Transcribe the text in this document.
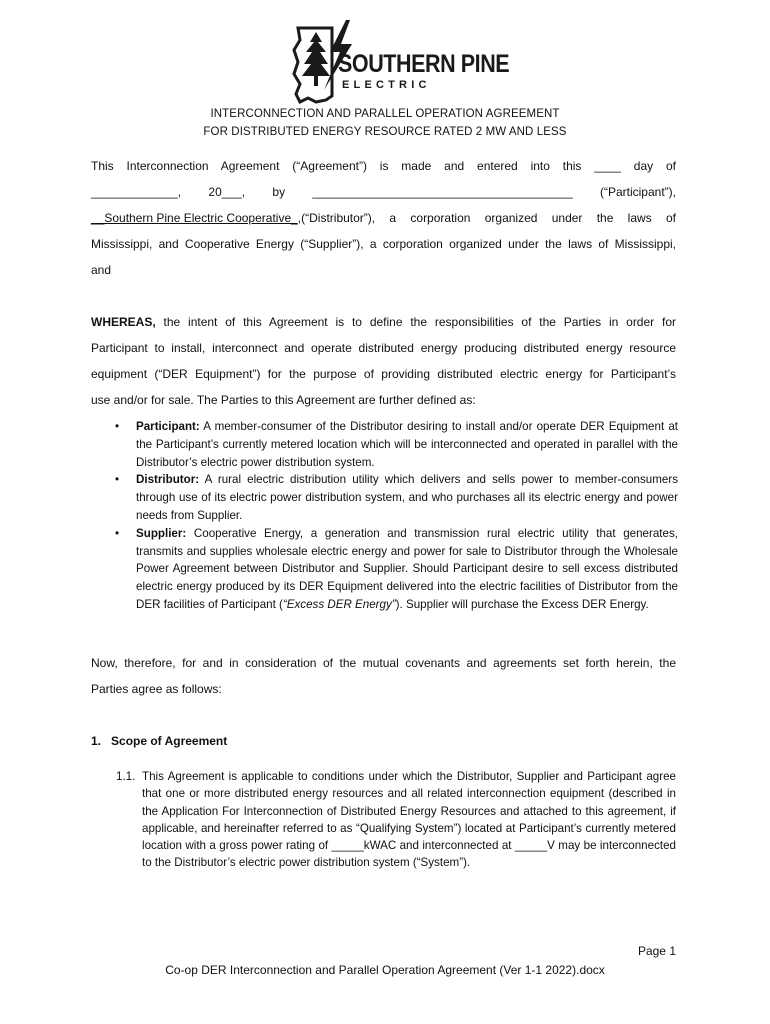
SOUTHERN PINE
ELECTRIC
INTERCONNECTION AND PARALLEL OPERATION AGREEMENT
FOR DISTRIBUTED ENERGY RESOURCE RATED 2 MW AND LESS
This Interconnection Agreement (“Agreement”) is made and entered into this ____ day of
_____________, 20___, by _______________________________________ (“Participant”),
__Southern Pine Electric Cooperative_, (“Distributor”), a corporation organized under the laws of
Mississippi, and Cooperative Energy (“Supplier”), a corporation organized under the laws of Mississippi,
and
WHEREAS, the intent of this Agreement is to define the responsibilities of the Parties in order for
Participant to install, interconnect and operate distributed energy producing distributed energy resource
equipment (“DER Equipment”) for the purpose of providing distributed electric energy for Participant’s
use and/or for sale. The Parties to this Agreement are further defined as:
• Participant: A member-consumer of the Distributor desiring to install and/or operate DER Equipment at the Participant’s currently metered location which will be interconnected and operated in parallel with the Distributor’s electric power distribution system.
• Distributor: A rural electric distribution utility which delivers and sells power to member-consumers through use of its electric power distribution system, and who purchases all its electric energy and power needs from Supplier.
• Supplier: Cooperative Energy, a generation and transmission rural electric utility that generates, transmits and supplies wholesale electric energy and power for sale to Distributor through the Wholesale Power Agreement between Distributor and Supplier. Should Participant desire to sell excess distributed electric energy produced by its DER Equipment delivered into the electric facilities of Distributor from the DER facilities of Participant (“Excess DER Energy”). Supplier will purchase the Excess DER Energy.
Now, therefore, for and in consideration of the mutual covenants and agreements set forth herein, the
Parties agree as follows:
1.   Scope of Agreement
1.1. This Agreement is applicable to conditions under which the Distributor, Supplier and Participant agree that one or more distributed energy resources and all related interconnection equipment (described in the Application For Interconnection of Distributed Energy Resources and attached to this agreement, if applicable, and hereinafter referred to as “Qualifying System”) located at Participant’s currently metered location with a gross power rating of _____kWAC and interconnected at _____V may be interconnected to the Distributor’s electric power distribution system (“System”).
Page 1
Co-op DER Interconnection and Parallel Operation Agreement (Ver 1-1 2022).docx
